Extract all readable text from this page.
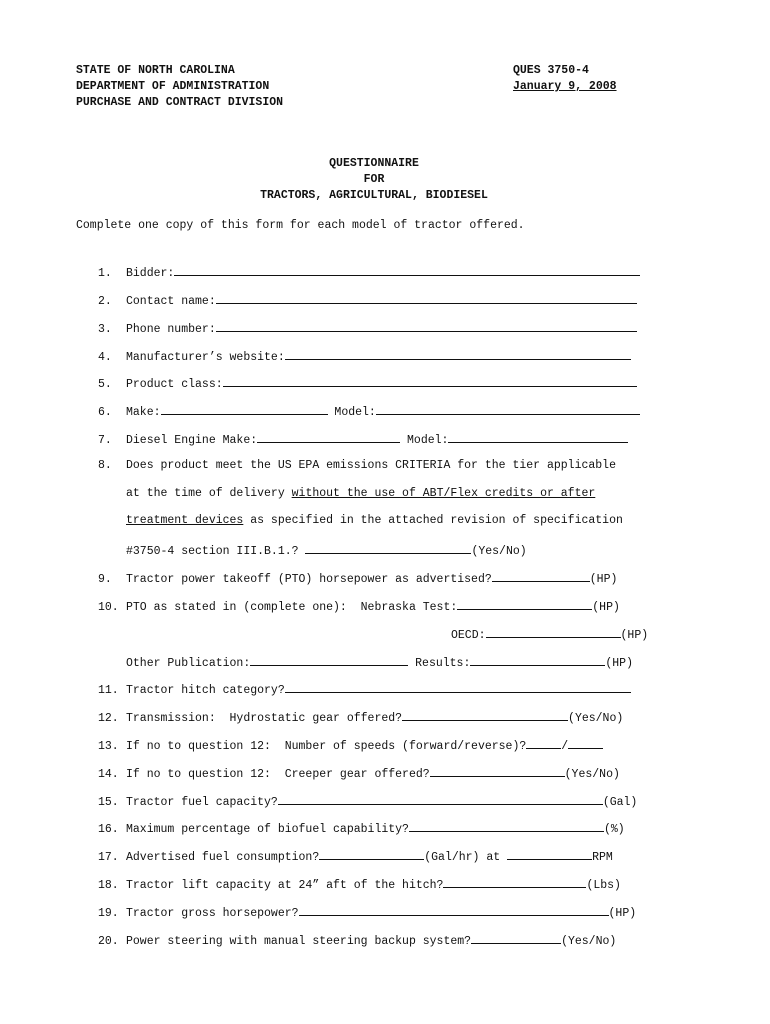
STATE OF NORTH CAROLINA
DEPARTMENT OF ADMINISTRATION
PURCHASE AND CONTRACT DIVISION
QUES 3750-4
January 9, 2008
QUESTIONNAIRE
FOR
TRACTORS, AGRICULTURAL, BIODIESEL
Complete one copy of this form for each model of tractor offered.
1. Bidder:
2. Contact name:
3. Phone number:
4. Manufacturer’s website:
5. Product class:
6. Make:	Model:
7. Diesel Engine Make:	Model:
8. Does product meet the US EPA emissions CRITERIA for the tier applicable
at the time of delivery without the use of ABT/Flex credits or after
treatment devices as specified in the attached revision of specification
#3750-4 section III.B.1.?	(Yes/No)
9. Tractor power takeoff (PTO) horsepower as advertised?	(HP)
10. PTO as stated in (complete one):  Nebraska Test:	(HP)
OECD:	(HP)
Other Publication:	Results:	(HP)
11. Tractor hitch category?
12. Transmission:  Hydrostatic gear offered?	(Yes/No)
13. If no to question 12:  Number of speeds (forward/reverse)?	/
14. If no to question 12:  Creeper gear offered?	(Yes/No)
15. Tractor fuel capacity?	(Gal)
16. Maximum percentage of biofuel capability?	(%)
17. Advertised fuel consumption?	(Gal/hr) at	RPM
18. Tractor lift capacity at 24” aft of the hitch?	(Lbs)
19. Tractor gross horsepower?	(HP)
20. Power steering with manual steering backup system?	(Yes/No)
